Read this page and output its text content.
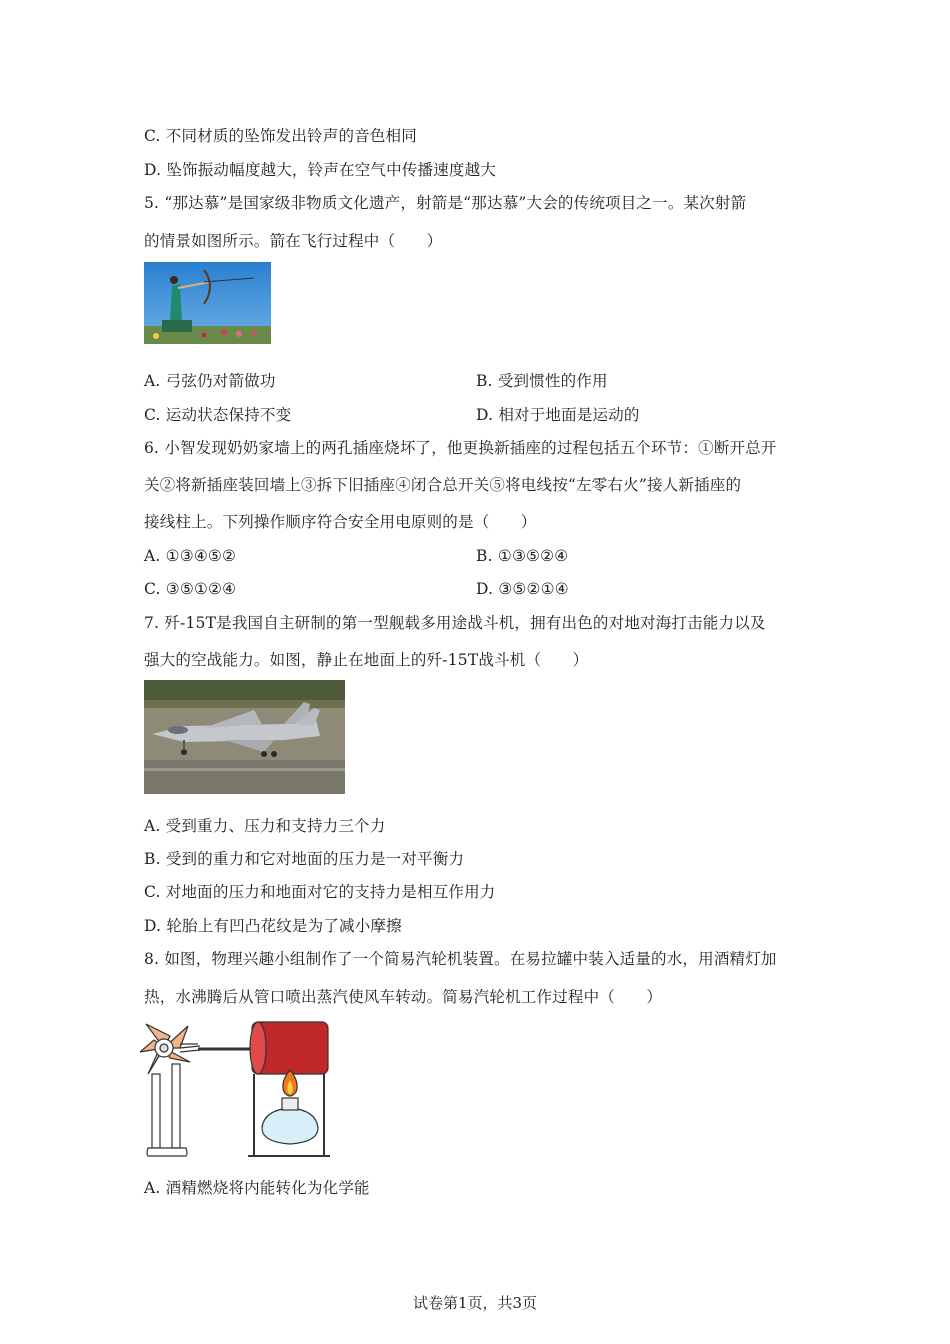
C. 不同材质的坠饰发出铃声的音色相同
D. 坠饰振动幅度越大，铃声在空气中传播速度越大
5. “那达慕”是国家级非物质文化遗产，射箭是“那达慕”大会的传统项目之一。某次射箭
的情景如图所示。箭在飞行过程中（　　）
A. 弓弦仍对箭做功	B. 受到惯性的作用
C. 运动状态保持不变	D. 相对于地面是运动的
6. 小智发现奶奶家墙上的两孔插座烧坏了，他更换新插座的过程包括五个环节：①断开总开
关②将新插座装回墙上③拆下旧插座④闭合总开关⑤将电线按“左零右火”接人新插座的
接线柱上。下列操作顺序符合安全用电原则的是（　　）
A. ①③④⑤②	B. ①③⑤②④
C. ③⑤①②④	D. ③⑤②①④
7. 歼-15T是我国自主研制的第一型舰载多用途战斗机，拥有出色的对地对海打击能力以及
强大的空战能力。如图，静止在地面上的歼-15T战斗机（　　）
A. 受到重力、压力和支持力三个力
B. 受到的重力和它对地面的压力是一对平衡力
C. 对地面的压力和地面对它的支持力是相互作用力
D. 轮胎上有凹凸花纹是为了减小摩擦
8. 如图，物理兴趣小组制作了一个简易汽轮机装置。在易拉罐中装入适量的水，用酒精灯加
热，水沸腾后从管口喷出蒸汽使风车转动。简易汽轮机工作过程中（　　）
A. 酒精燃烧将内能转化为化学能
试卷第1页，共3页
